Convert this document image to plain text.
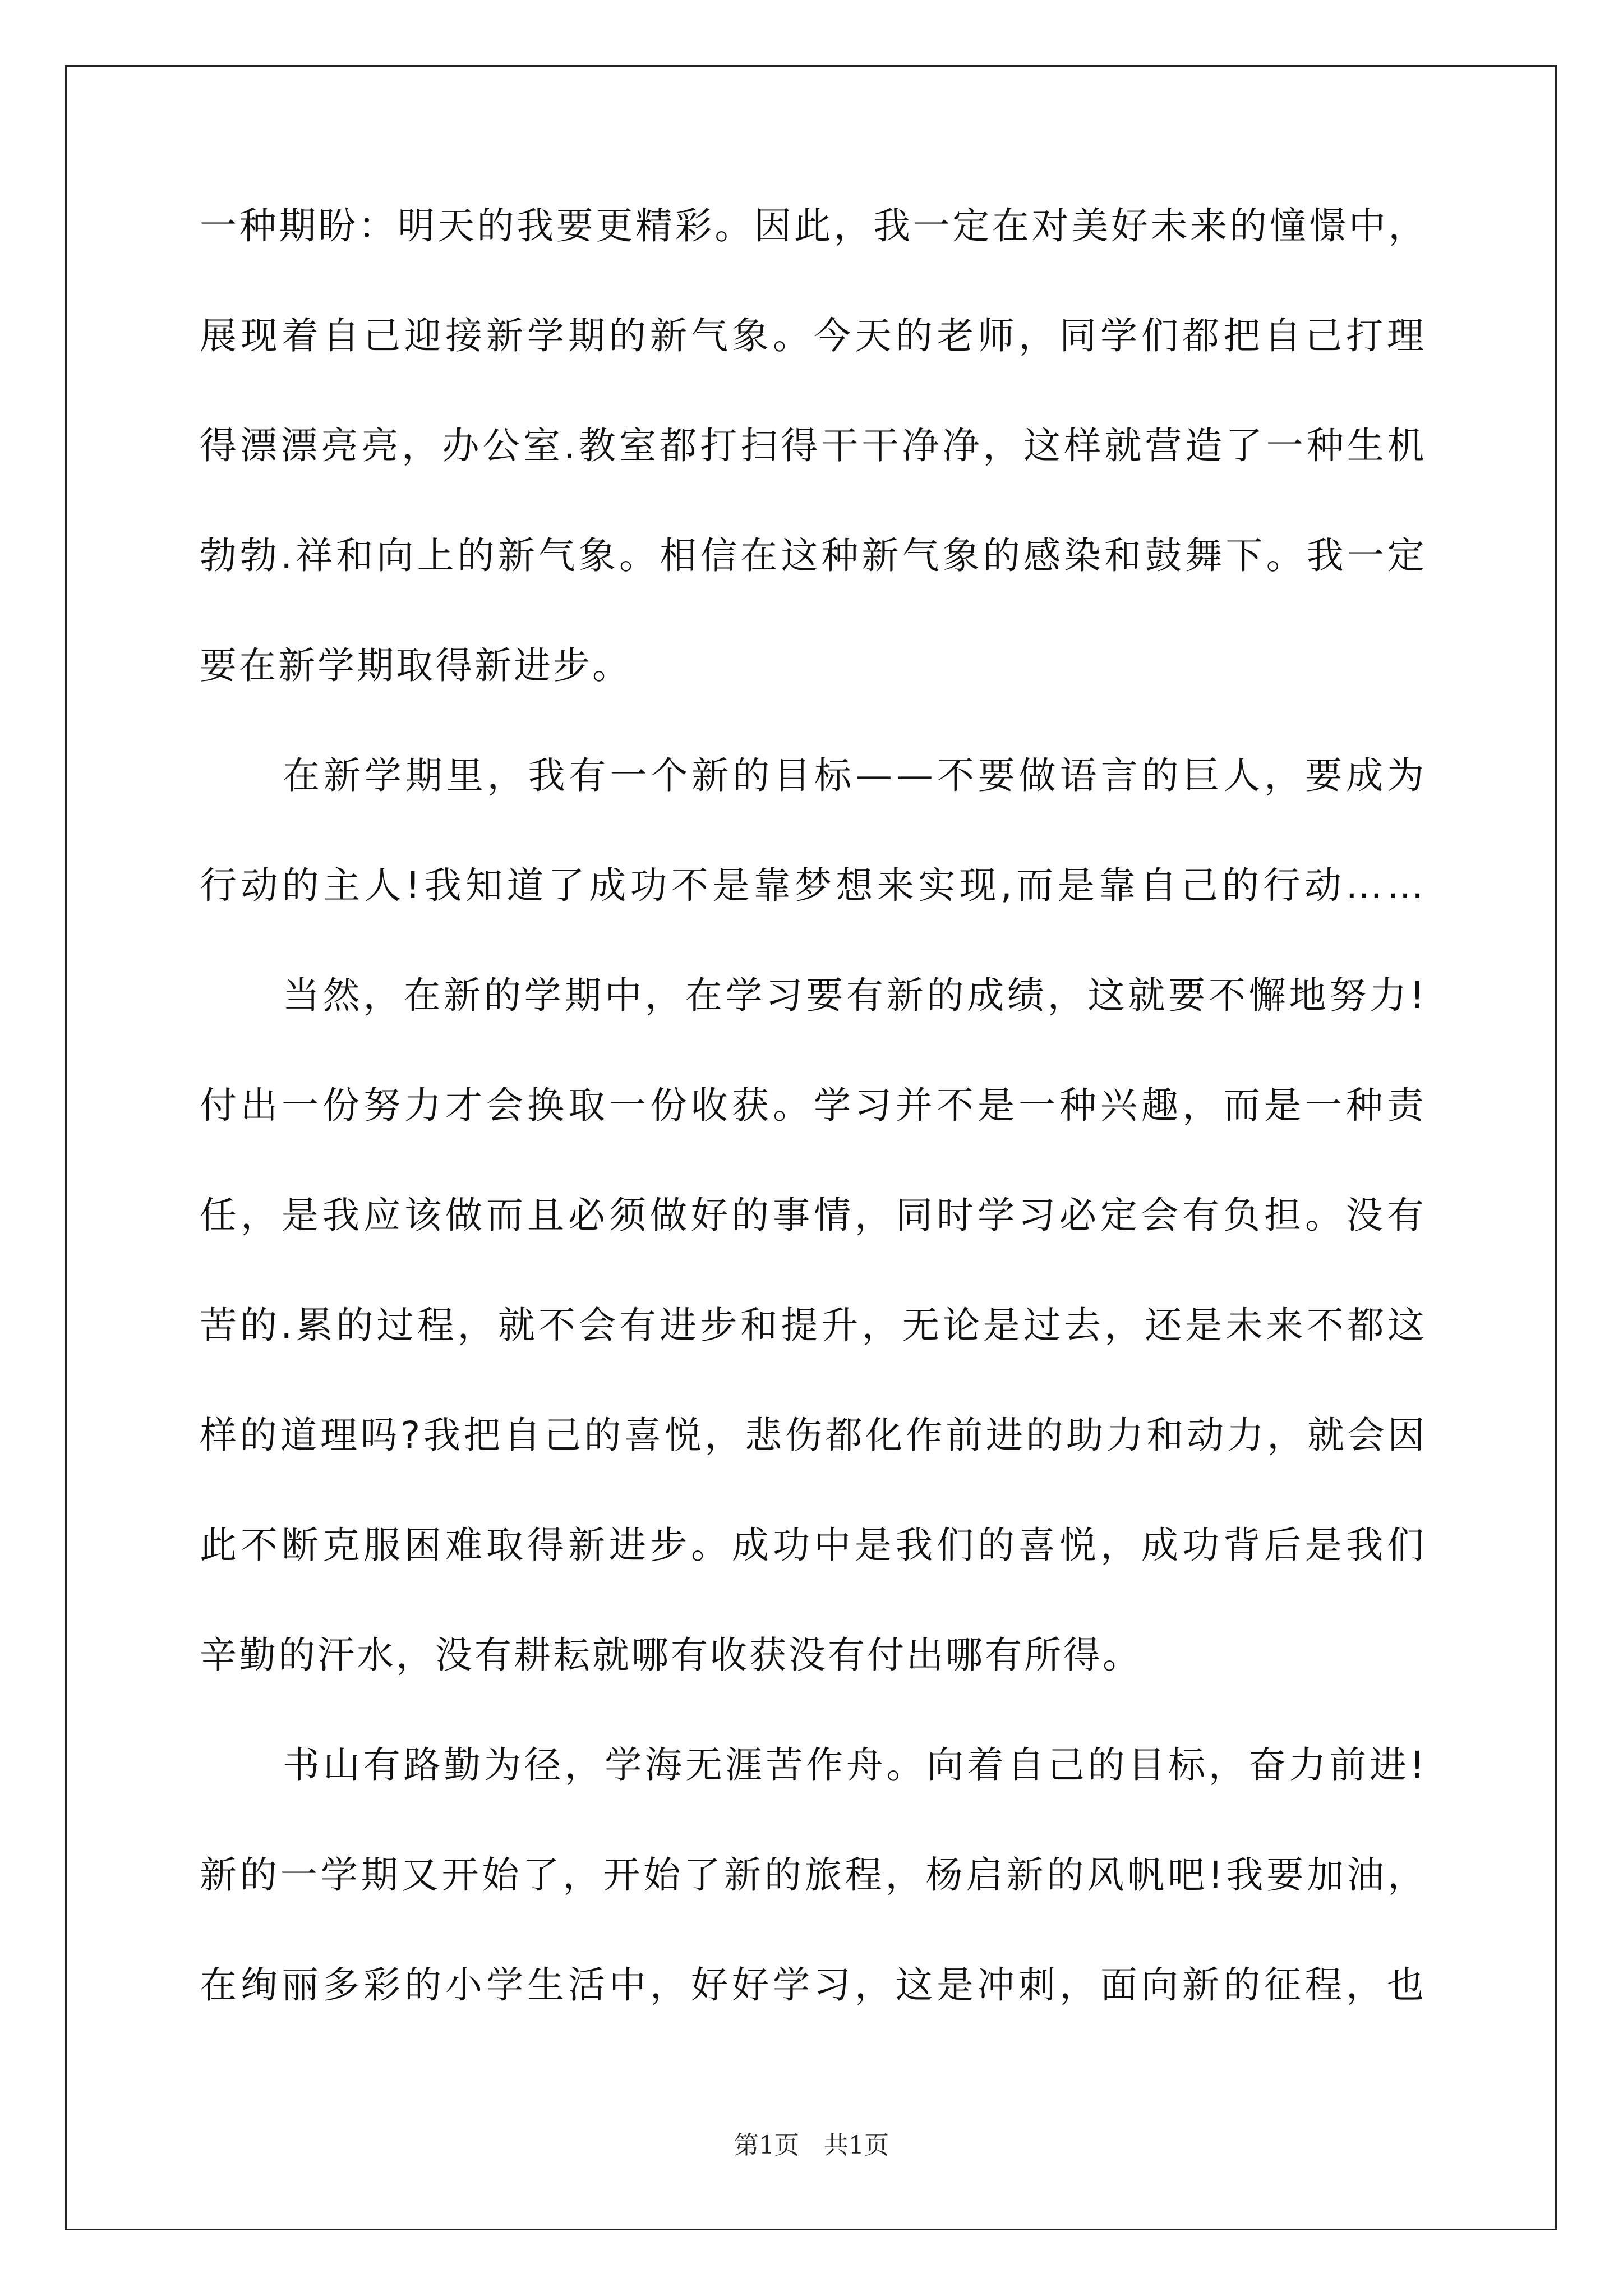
一种期盼：明天的我要更精彩。因此，我一定在对美好未来的憧憬中，
展现着自己迎接新学期的新气象。今天的老师，同学们都把自己打理
得漂漂亮亮，办公室.教室都打扫得干干净净，这样就营造了一种生机
勃勃.祥和向上的新气象。相信在这种新气象的感染和鼓舞下。我一定
要在新学期取得新进步。
在新学期里，我有一个新的目标——不要做语言的巨人，要成为
行动的主人!我知道了成功不是靠梦想来实现,而是靠自己的行动……
当然，在新的学期中，在学习要有新的成绩，这就要不懈地努力!
付出一份努力才会换取一份收获。学习并不是一种兴趣，而是一种责
任，是我应该做而且必须做好的事情，同时学习必定会有负担。没有
苦的.累的过程，就不会有进步和提升，无论是过去，还是未来不都这
样的道理吗?我把自己的喜悦，悲伤都化作前进的助力和动力，就会因
此不断克服困难取得新进步。成功中是我们的喜悦，成功背后是我们
辛勤的汗水，没有耕耘就哪有收获没有付出哪有所得。
书山有路勤为径，学海无涯苦作舟。向着自己的目标，奋力前进!
新的一学期又开始了，开始了新的旅程，杨启新的风帆吧!我要加油，
在绚丽多彩的小学生活中，好好学习，这是冲刺，面向新的征程，也
第1页　共1页
